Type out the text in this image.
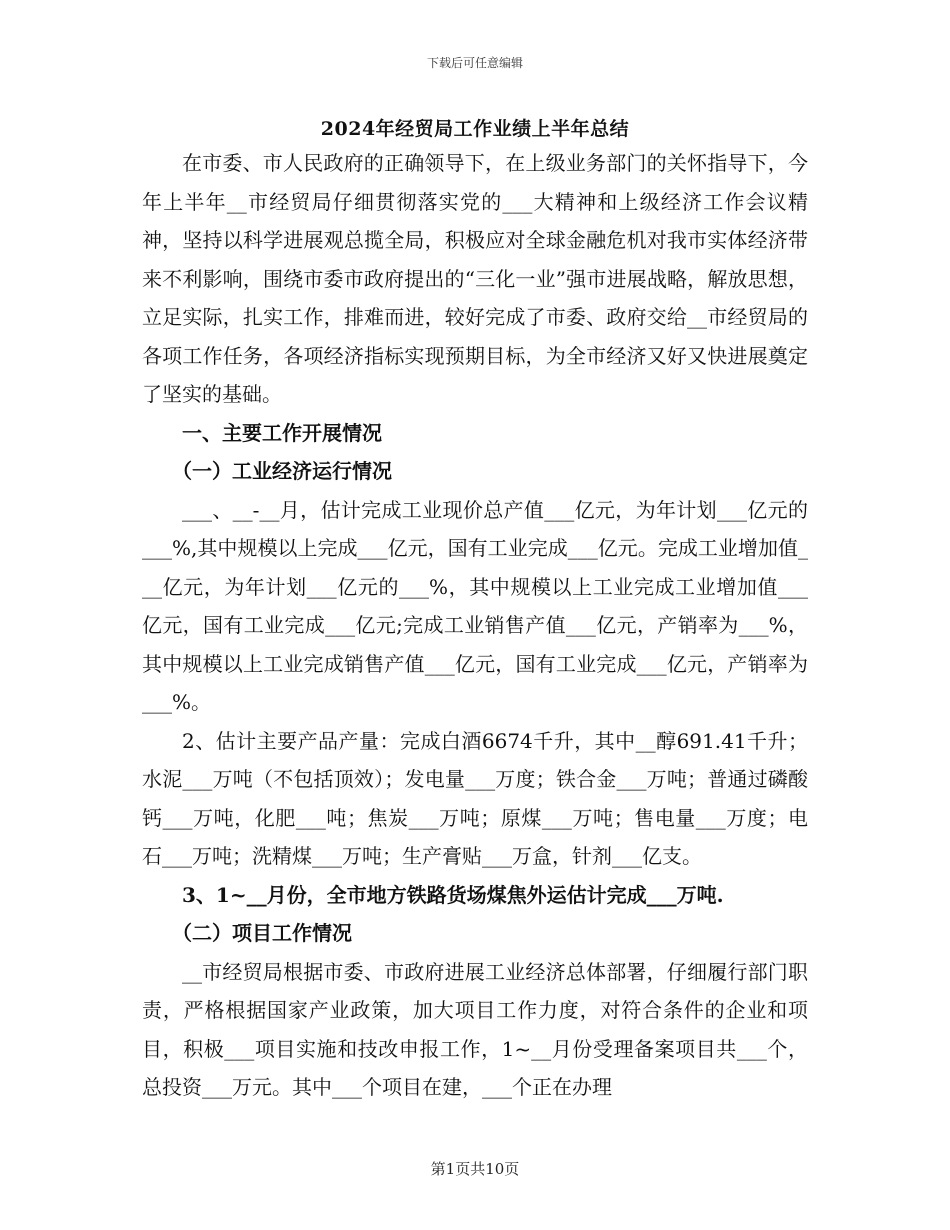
下载后可任意编辑

2024年经贸局工作业绩上半年总结

在市委、市人民政府的正确领导下，在上级业务部门的关怀指导下，今年上半年__市经贸局仔细贯彻落实党的___大精神和上级经济工作会议精神，坚持以科学进展观总揽全局，积极应对全球金融危机对我市实体经济带来不利影响，围绕市委市政府提出的“三化一业”强市进展战略，解放思想，立足实际，扎实工作，排难而进，较好完成了市委、政府交给__市经贸局的各项工作任务，各项经济指标实现预期目标，为全市经济又好又快进展奠定了坚实的基础。

一、主要工作开展情况

（一）工业经济运行情况

___、__-__月，估计完成工业现价总产值___亿元，为年计划___亿元的___%,其中规模以上完成___亿元，国有工业完成___亿元。完成工业增加值___亿元，为年计划___亿元的___%，其中规模以上工业完成工业增加值___亿元，国有工业完成___亿元;完成工业销售产值___亿元，产销率为___%，其中规模以上工业完成销售产值___亿元，国有工业完成___亿元，产销率为___%。

2、估计主要产品产量：完成白酒6674千升，其中__醇691.41千升；水泥___万吨（不包括顶效）；发电量___万度；铁合金___万吨；普通过磷酸钙___万吨，化肥___吨；焦炭___万吨；原煤___万吨；售电量___万度；电石___万吨；洗精煤___万吨；生产膏贴___万盒，针剂___亿支。

3、1~__月份，全市地方铁路货场煤焦外运估计完成___万吨.

（二）项目工作情况

__市经贸局根据市委、市政府进展工业经济总体部署，仔细履行部门职责，严格根据国家产业政策，加大项目工作力度，对符合条件的企业和项目，积极___项目实施和技改申报工作，1~__月份受理备案项目共___个，总投资___万元。其中___个项目在建，___个正在办理

第1页共10页
